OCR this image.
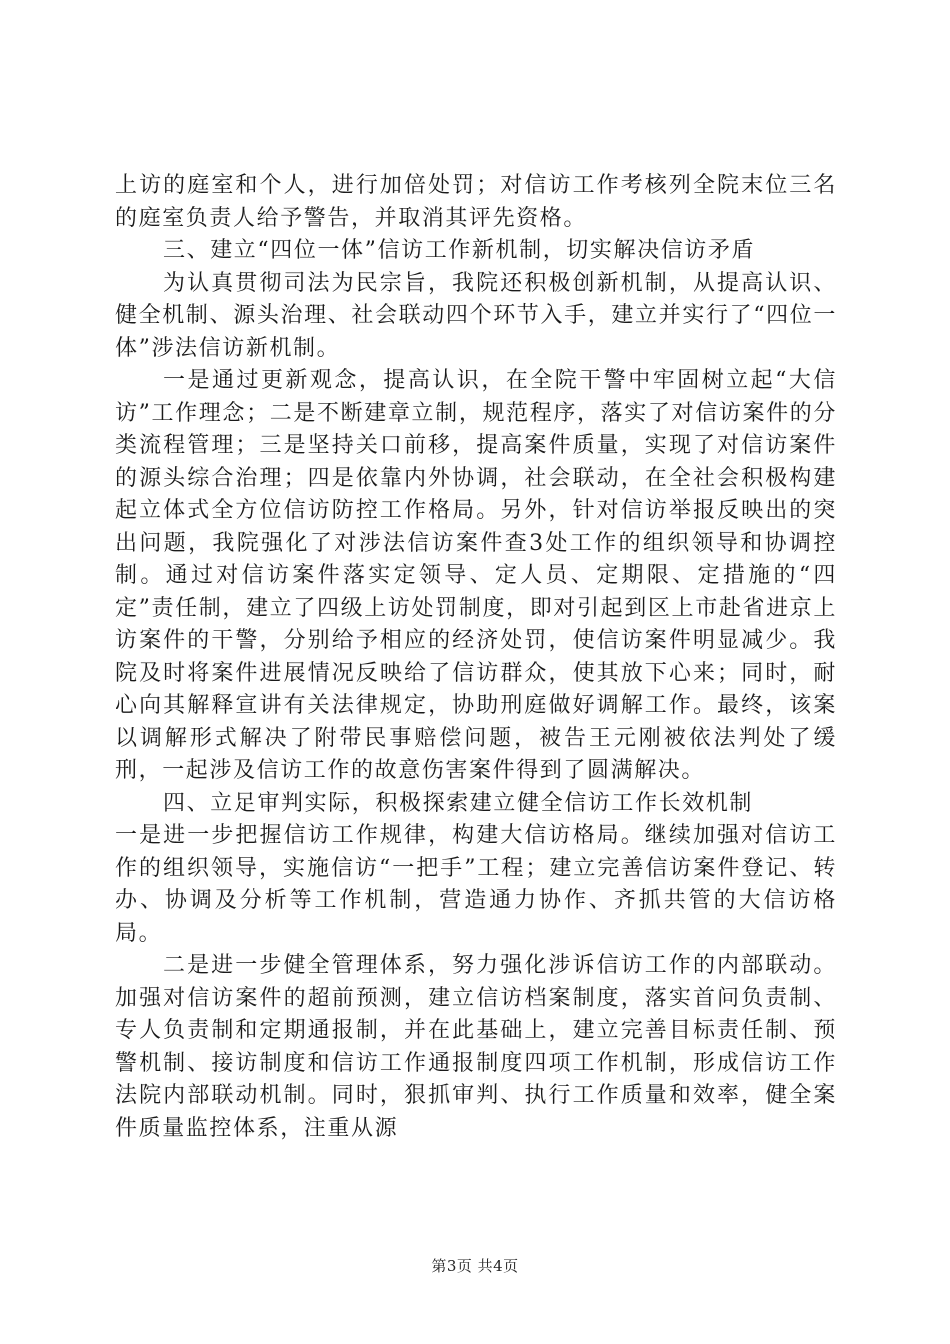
上访的庭室和个人，进行加倍处罚；对信访工作考核列全院末位三名的庭室负责人给予警告，并取消其评先资格。

三、建立“四位一体”信访工作新机制，切实解决信访矛盾

为认真贯彻司法为民宗旨，我院还积极创新机制，从提高认识、健全机制、源头治理、社会联动四个环节入手，建立并实行了“四位一体”涉法信访新机制。

一是通过更新观念，提高认识，在全院干警中牢固树立起“大信访”工作理念；二是不断建章立制，规范程序，落实了对信访案件的分类流程管理；三是坚持关口前移，提高案件质量，实现了对信访案件的源头综合治理；四是依靠内外协调，社会联动，在全社会积极构建起立体式全方位信访防控工作格局。另外，针对信访举报反映出的突出问题，我院强化了对涉法信访案件查3处工作的组织领导和协调控制。通过对信访案件落实定领导、定人员、定期限、定措施的“四定”责任制，建立了四级上访处罚制度，即对引起到区上市赴省进京上访案件的干警，分别给予相应的经济处罚，使信访案件明显减少。我院及时将案件进展情况反映给了信访群众，使其放下心来；同时，耐心向其解释宣讲有关法律规定，协助刑庭做好调解工作。最终，该案以调解形式解决了附带民事赔偿问题，被告王元刚被依法判处了缓刑，一起涉及信访工作的故意伤害案件得到了圆满解决。

四、立足审判实际，积极探索建立健全信访工作长效机制

一是进一步把握信访工作规律，构建大信访格局。继续加强对信访工作的组织领导，实施信访“一把手”工程；建立完善信访案件登记、转办、协调及分析等工作机制，营造通力协作、齐抓共管的大信访格局。

二是进一步健全管理体系，努力强化涉诉信访工作的内部联动。加强对信访案件的超前预测，建立信访档案制度，落实首问负责制、专人负责制和定期通报制，并在此基础上，建立完善目标责任制、预警机制、接访制度和信访工作通报制度四项工作机制，形成信访工作法院内部联动机制。同时，狠抓审判、执行工作质量和效率，健全案件质量监控体系，注重从源

第3页 共4页
